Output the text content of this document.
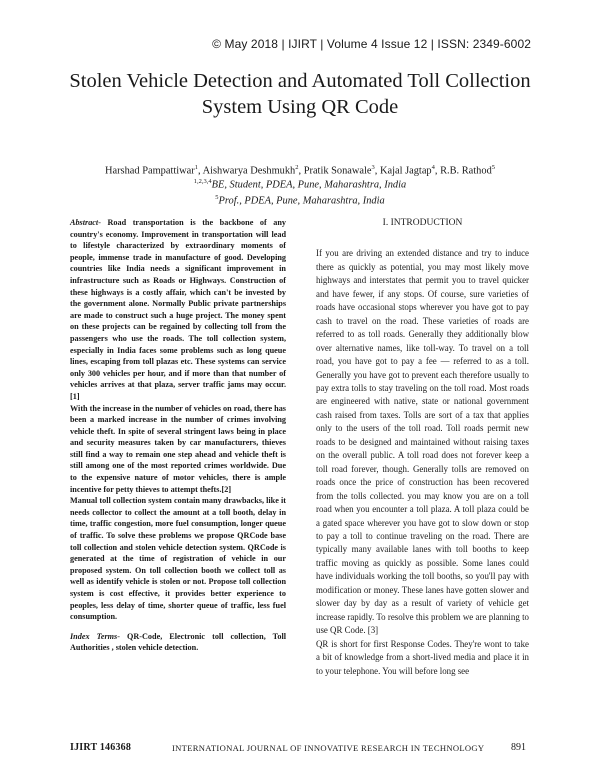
© May 2018 | IJIRT | Volume 4 Issue 12 | ISSN: 2349-6002
Stolen Vehicle Detection and Automated Toll Collection System Using QR Code
Harshad Pampattiwar$^1$, Aishwarya Deshmukh$^2$, Pratik Sonawale$^3$, Kajal Jagtap$^4$, R.B. Rathod$^5$
$^{1,2,3,4}$BE, Student, PDEA, Pune, Maharashtra, India
$^5$Prof., PDEA, Pune, Maharashtra, India

Abstract- Road transportation is the backbone of any country's economy. Improvement in transportation will lead to lifestyle characterized by extraordinary moments of people, immense trade in manufacture of good. Developing countries like India needs a significant improvement in infrastructure such as Roads or Highways. Construction of these highways is a costly affair, which can't be invested by the government alone. Normally Public private partnerships are made to construct such a huge project. The money spent on these projects can be regained by collecting toll from the passengers who use the roads. The toll collection system, especially in India faces some problems such as long queue lines, escaping from toll plazas etc. These systems can service only 300 vehicles per hour, and if more than that number of vehicles arrives at that plaza, server traffic jams may occur. [1]

With the increase in the number of vehicles on road, there has been a marked increase in the number of crimes involving vehicle theft. In spite of several stringent laws being in place and security measures taken by car manufacturers, thieves still find a way to remain one step ahead and vehicle theft is still among one of the most reported crimes worldwide. Due to the expensive nature of motor vehicles, there is ample incentive for petty thieves to attempt thefts.[2]

Manual toll collection system contain many drawbacks, like it needs collector to collect the amount at a toll booth, delay in time, traffic congestion, more fuel consumption, longer queue of traffic. To solve these problems we propose QRCode base toll collection and stolen vehicle detection system. QRCode is generated at the time of registration of vehicle in our proposed system. On toll collection booth we collect toll as well as identify vehicle is stolen or not. Propose toll collection system is cost effective, it provides better experience to peoples, less delay of time, shorter queue of traffic, less fuel consumption.

Index Terms- QR-Code, Electronic toll collection, Toll Authorities , stolen vehicle detection.

I. INTRODUCTION

If you are driving an extended distance and try to induce there as quickly as potential, you may most likely move highways and interstates that permit you to travel quicker and have fewer, if any stops. Of course, sure varieties of roads have occasional stops wherever you have got to pay cash to travel on the road. These varieties of roads are referred to as toll roads. Generally they additionally blow over alternative names, like toll-way. To travel on a toll road, you have got to pay a fee — referred to as a toll. Generally you have got to prevent each therefore usually to pay extra tolls to stay traveling on the toll road. Most roads are engineered with native, state or national government cash raised from taxes. Tolls are sort of a tax that applies only to the users of the toll road. Toll roads permit new roads to be designed and maintained without raising taxes on the overall public. A toll road does not forever keep a toll road forever, though. Generally tolls are removed on roads once the price of construction has been recovered from the tolls collected. you may know you are on a toll road when you encounter a toll plaza. A toll plaza could be a gated space wherever you have got to slow down or stop to pay a toll to continue traveling on the road. There are typically many available lanes with toll booths to keep traffic moving as quickly as possible. Some lanes could have individuals working the toll booths, so you'll pay with modification or money. These lanes have gotten slower and slower day by day as a result of variety of vehicle get increase rapidly. To resolve this problem we are planning to use QR Code. [3]

QR is short for first Response Codes. They're wont to take a bit of knowledge from a short-lived media and place it in to your telephone. You will before long see

IJIRT 146368	INTERNATIONAL JOURNAL OF INNOVATIVE RESEARCH IN TECHNOLOGY	891
